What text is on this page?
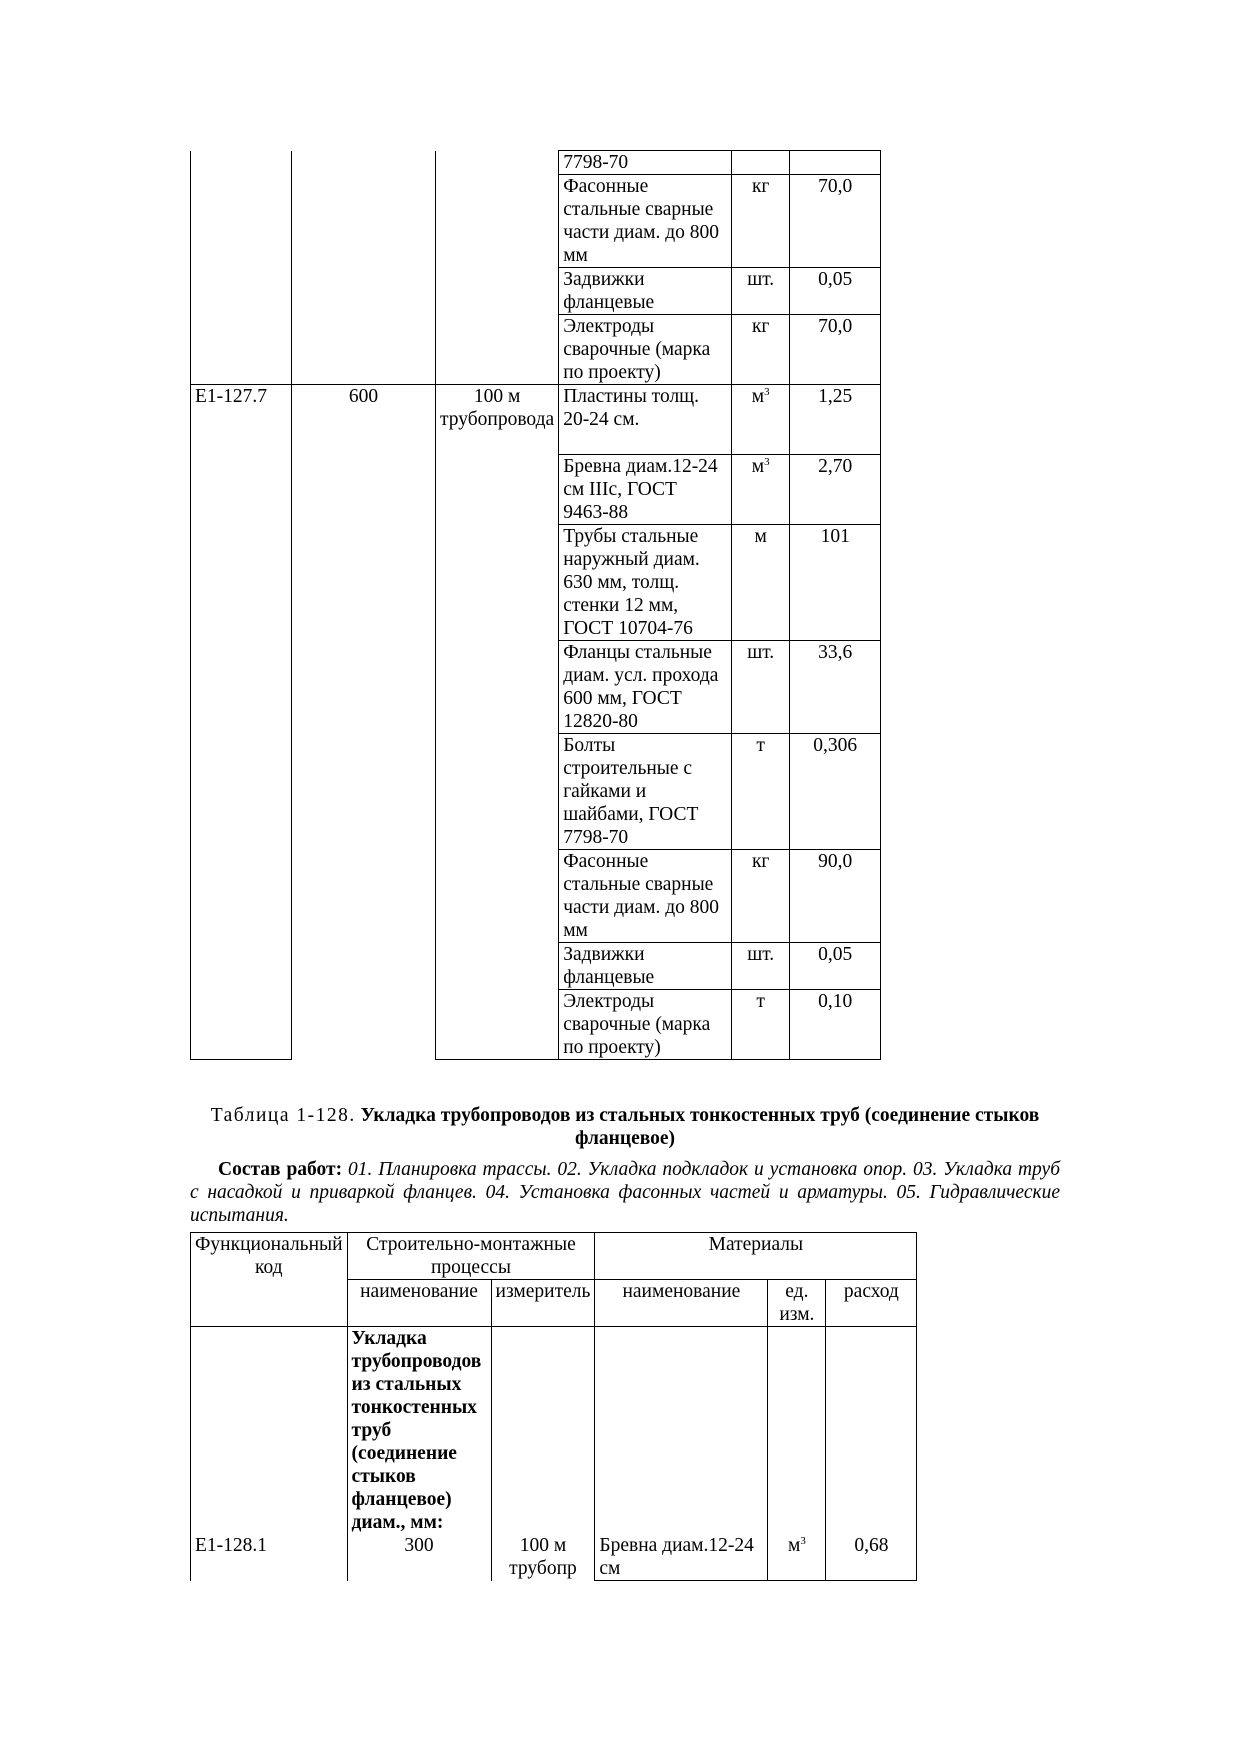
			7798-70		
			Фасонные стальные сварные части диам. до 800 мм	кг	70,0
			Задвижки фланцевые	шт.	0,05
			Электроды сварочные (марка по проекту)	кг	70,0
Е1-127.7	600	100 м трубопровода	Пластины толщ. 20-24 см.	$м^3$	1,25
			Бревна диам.12-24 см IIIc, ГОСТ 9463-88	$м^3$	2,70
			Трубы стальные наружный диам. 630 мм, толщ. стенки 12 мм, ГОСТ 10704-76	м	101
			Фланцы стальные диам. усл. прохода 600 мм, ГОСТ 12820-80	шт.	33,6
			Болты строительные с гайками и шайбами, ГОСТ 7798-70	т	0,306
			Фасонные стальные сварные части диам. до 800 мм	кг	90,0
			Задвижки фланцевые	шт.	0,05
			Электроды сварочные (марка по проекту)	т	0,10
Таблица 1-128. Укладка трубопроводов из стальных тонкостенных труб (соединение стыков фланцевое)
Состав работ: 01. Планировка трассы. 02. Укладка подкладок и установка опор. 03. Укладка труб с насадкой и приваркой фланцев. 04. Установка фасонных частей и арматуры. 05. Гидравлические испытания.
Функциональный код	Строительно-монтажные процессы		Материалы		
	наименование	измеритель	наименование	ед. изм.	расход
	Укладка трубопроводов из стальных тонкостенных труб (соединение стыков фланцевое) диам., мм:				
Е1-128.1	300	100 м трубопр	Бревна диам.12-24 см	$м^3$	0,68
